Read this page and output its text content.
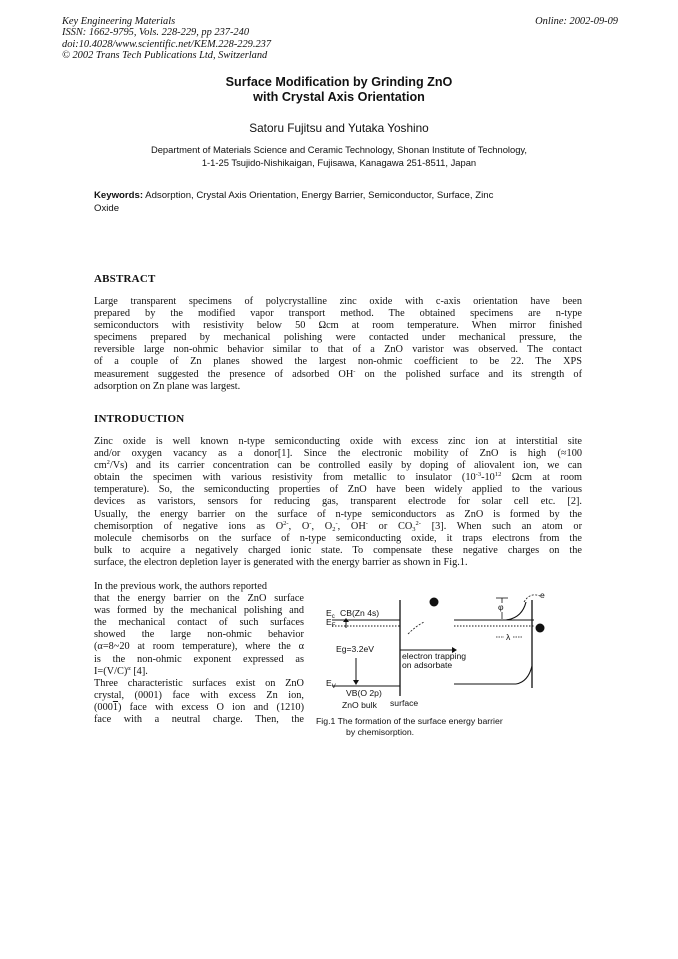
Key Engineering Materials
ISSN: 1662-9795, Vols. 228-229, pp 237-240
doi:10.4028/www.scientific.net/KEM.228-229.237
© 2002 Trans Tech Publications Ltd, Switzerland
Online: 2002-09-09
Surface Modification by Grinding ZnO
with Crystal Axis Orientation
Satoru Fujitsu and Yutaka Yoshino
Department of Materials Science and Ceramic Technology, Shonan Institute of Technology,
1-1-25 Tsujido-Nishikaigan, Fujisawa, Kanagawa 251-8511, Japan
Keywords: Adsorption, Crystal Axis Orientation, Energy Barrier, Semiconductor, Surface, Zinc
Oxide
ABSTRACT
Large transparent specimens of polycrystalline zinc oxide with c-axis orientation have been
prepared by the modified vapor transport method. The obtained specimens are n-type
semiconductors with resistivity below 50 Ωcm at room temperature. When mirror finished
specimens prepared by mechanical polishing were contacted under mechanical pressure, the
reversible large non-ohmic behavior similar to that of a ZnO varistor was observed. The contact
of a couple of Zn planes showed the largest non-ohmic coefficient to be 22. The XPS
measurement suggested the presence of adsorbed OH- on the polished surface and its strength of
adsorption on Zn plane was largest.
INTRODUCTION
Zinc oxide is well known n-type semiconducting oxide with excess zinc ion at interstitial site
and/or oxygen vacancy as a donor[1]. Since the electronic mobility of ZnO is high (≈100
$cm^2/Vs$) and its carrier concentration can be controlled easily by doping of aliovalent ion, we can
obtain the specimen with various resistivity from metallic to insulator ($10^{-3}-10^{12}$ Ωcm at room
temperature). So, the semiconducting properties of ZnO have been widely applied to the various
devices as varistors, sensors for reducing gas, transparent electrode for solar cell etc. [2].
Usually, the energy barrier on the surface of n-type semiconductors as ZnO is formed by the
chemisorption of negative ions as $O^{2-}$, O-, $O_2^-$, OH- or $CO_3^{2-}$ [3]. When such an atom or
molecule chemisorbs on the surface of n-type semiconducting oxide, it traps electrons from the
bulk to acquire a negatively charged ionic state. To compensate these negative charges on the
surface, the electron depletion layer is generated with the energy barrier as shown in Fig.1.
In the previous work, the authors reported
that the energy barrier on the ZnO surface
was formed by the mechanical polishing and
the mechanical contact of such surfaces
showed the large non-ohmic behavior
(α=8~20 at room temperature), where the α
is the non-ohmic exponent expressed as
$I=(V/C)^\alpha$ [4].
Three characteristic surfaces exist on ZnO
crystal, (0001) face with excess Zn ion,
(0001) face with excess O ion and (1210)
face with a neutral charge. Then, the
$E_c$
$E_F$
CB(Zn 4s)
Eg=3.2eV
$E_V$
VB(O 2p)
ZnO bulk surface
electron trapping
on adsorbate
φ
e
λ
Fig.1 The formation of the surface energy barrier
by chemisorption.
